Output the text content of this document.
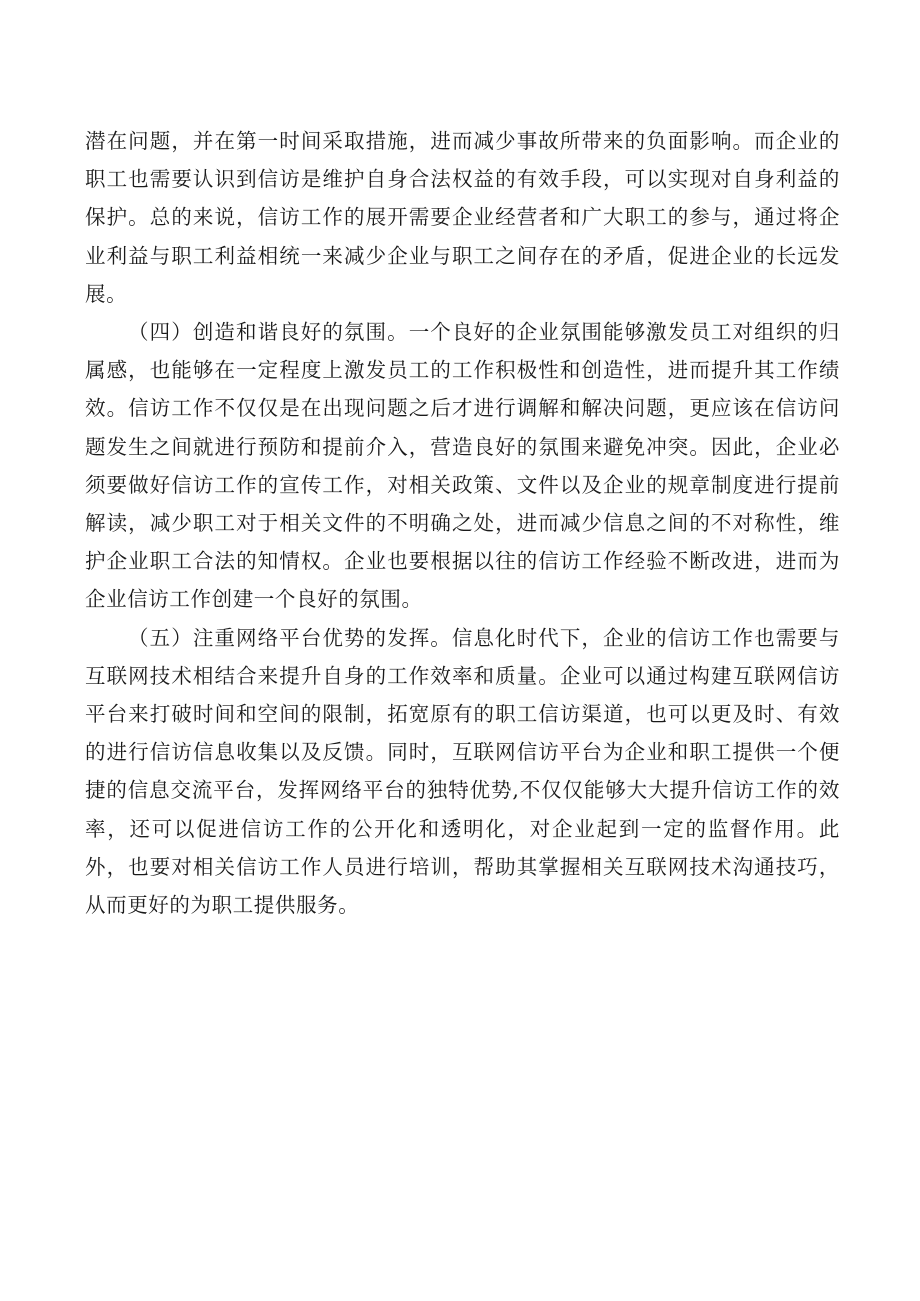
潜在问题，并在第一时间采取措施，进而减少事故所带来的负面影响。而企业的职工也需要认识到信访是维护自身合法权益的有效手段，可以实现对自身利益的保护。总的来说，信访工作的展开需要企业经营者和广大职工的参与，通过将企业利益与职工利益相统一来减少企业与职工之间存在的矛盾，促进企业的长远发展。

（四）创造和谐良好的氛围。一个良好的企业氛围能够激发员工对组织的归属感，也能够在一定程度上激发员工的工作积极性和创造性，进而提升其工作绩效。信访工作不仅仅是在出现问题之后才进行调解和解决问题，更应该在信访问题发生之间就进行预防和提前介入，营造良好的氛围来避免冲突。因此，企业必须要做好信访工作的宣传工作，对相关政策、文件以及企业的规章制度进行提前解读，减少职工对于相关文件的不明确之处，进而减少信息之间的不对称性，维护企业职工合法的知情权。企业也要根据以往的信访工作经验不断改进，进而为企业信访工作创建一个良好的氛围。

（五）注重网络平台优势的发挥。信息化时代下，企业的信访工作也需要与互联网技术相结合来提升自身的工作效率和质量。企业可以通过构建互联网信访平台来打破时间和空间的限制，拓宽原有的职工信访渠道，也可以更及时、有效的进行信访信息收集以及反馈。同时，互联网信访平台为企业和职工提供一个便捷的信息交流平台，发挥网络平台的独特优势,不仅仅能够大大提升信访工作的效率，还可以促进信访工作的公开化和透明化，对企业起到一定的监督作用。此外，也要对相关信访工作人员进行培训，帮助其掌握相关互联网技术沟通技巧，从而更好的为职工提供服务。
